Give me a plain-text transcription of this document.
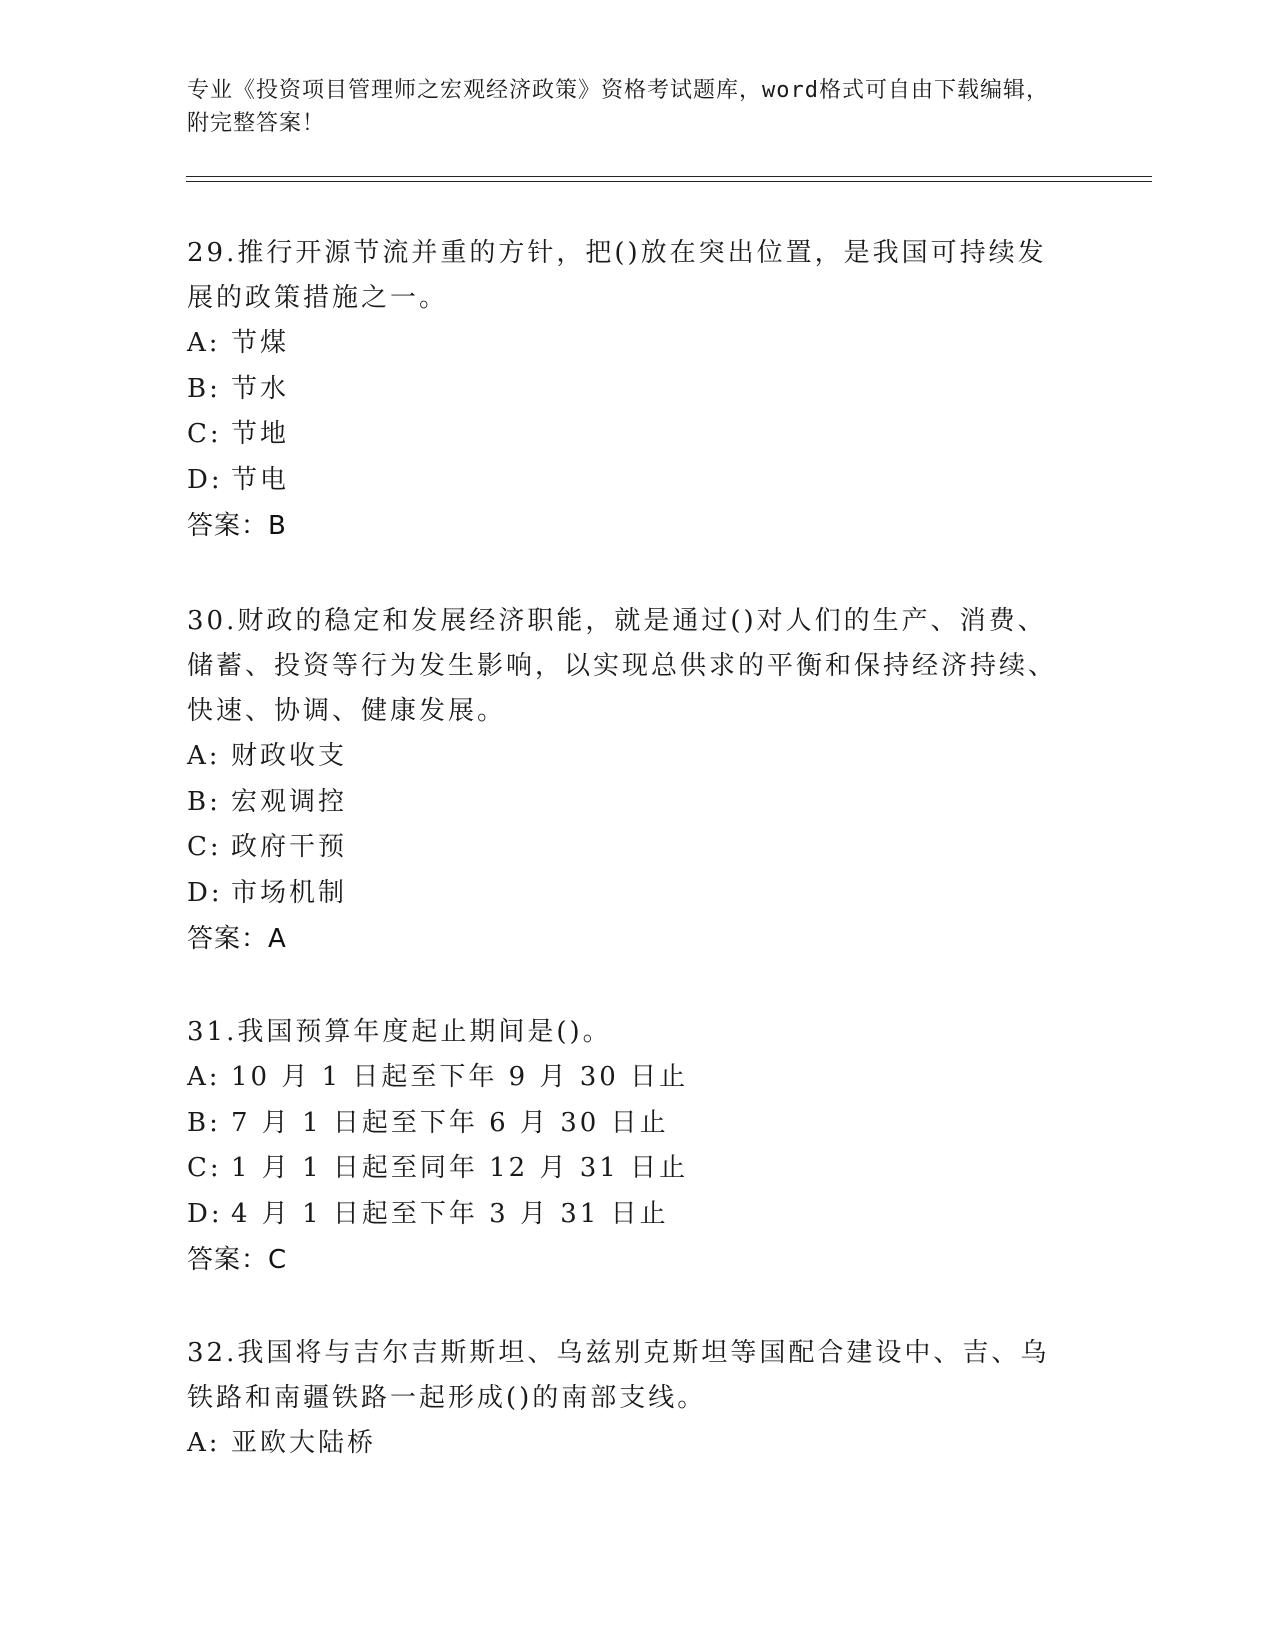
专业《投资项目管理师之宏观经济政策》资格考试题库，word格式可自由下载编辑，附完整答案！

29.推行开源节流并重的方针，把()放在突出位置，是我国可持续发展的政策措施之一。

A: 节煤
B: 节水
C: 节地
D: 节电
答案：B

30.财政的稳定和发展经济职能，就是通过()对人们的生产、消费、储蓄、投资等行为发生影响，以实现总供求的平衡和保持经济持续、快速、协调、健康发展。

A: 财政收支
B: 宏观调控
C: 政府干预
D: 市场机制
答案：A

31.我国预算年度起止期间是()。

A: 10 月 1 日起至下年 9 月 30 日止
B: 7 月 1 日起至下年 6 月 30 日止
C: 1 月 1 日起至同年 12 月 31 日止
D: 4 月 1 日起至下年 3 月 31 日止
答案：C

32.我国将与吉尔吉斯斯坦、乌兹别克斯坦等国配合建设中、吉、乌铁路和南疆铁路一起形成()的南部支线。

A: 亚欧大陆桥
